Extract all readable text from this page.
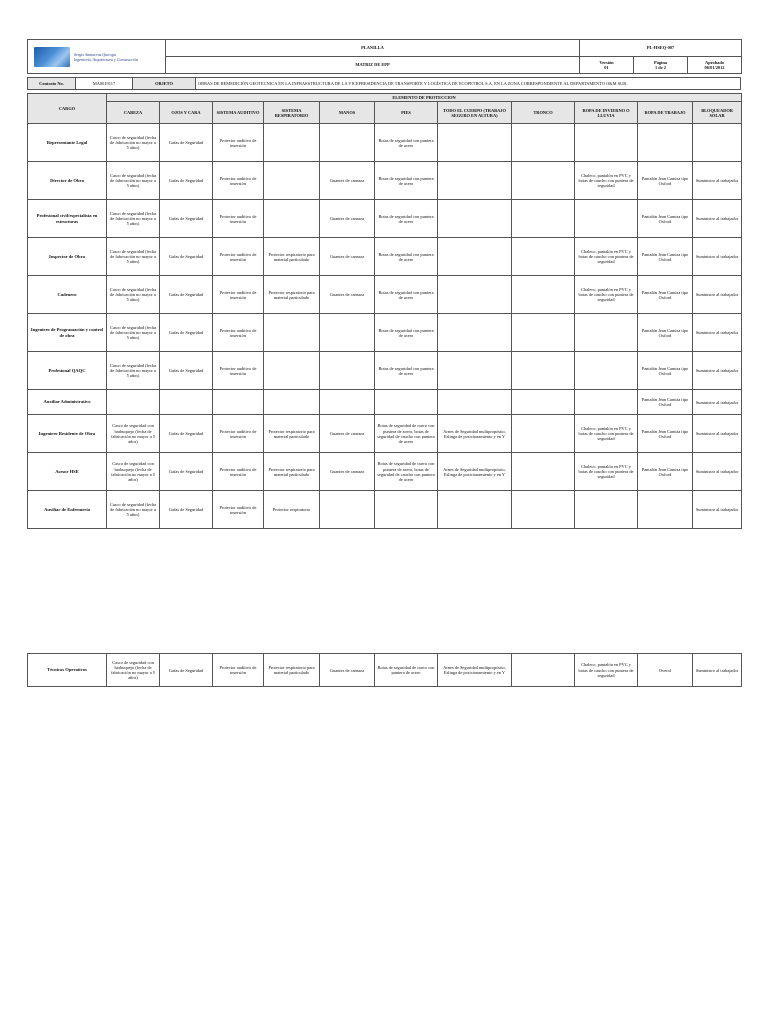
Sergio Santacruz Quiroga
Ingeniería, Arquitectura y Construcción	PLANILLA	PL-HSEQ-007		
	MATRIZ DE EPP	Versión
01	Página
1 de 2	Aprobado
06/01/2012
Contrato No.	MA0019117	OBJETO	OBRAS DE REMEDICIÓN GEOTECNICA EN LA INFRAESTRUCTURA DE LA VICEPRESIDENCIA DE TRANSPORTE Y LOGÍSTICA DE ECOPETROL S.A. EN LA ZONA CORRESPONDIENTE AL DEPARTAMENTO O&M SUR.
CARGO	ELEMENTO DE PROTECCION										
	CABEZA	OJOS Y CARA	SISTEMA AUDITIVO	SISTEMA RESPIRATORIO	MANOS	PIES	TODO EL CUERPO (TRABAJO SEGURO EN ALTURA)	TRONCO	ROPA DE INVIERNO O LLUVIA	ROPA DE TRABAJO	BLOQUEADOR SOLAR
Representante Legal	Casco de seguridad (fecha de fabricación no mayor a 5 años)	Gafas de Seguridad	Protector auditivo de insersión			Botas de seguridad con puntera de acero					
Director de Obra	Casco de seguridad (fecha de fabricación no mayor a 5 años)	Gafas de Seguridad	Protector auditivo de insersión		Guantes de carnaza	Botas de seguridad con puntera de acero			Chaleco, pantalón en PVC y botas de caucho con puntera de seguridad	Pantalón Jean Camisa tipo Oxford	Suministro al trabajador
Profesional civil/especialista en estructuras	Casco de seguridad (fecha de fabricación no mayor a 5 años)	Gafas de Seguridad	Protector auditivo de insersión		Guantes de carnaza	Botas de seguridad con puntera de acero				Pantalón Jean Camisa tipo Oxford	Suministro al trabajador
Inspector de Obra	Casco de seguridad (fecha de fabricación no mayor a 5 años)	Gafas de Seguridad	Protector auditivo de insersión	Protector respiratorio para material particulado	Guantes de carnaza	Botas de seguridad con puntera de acero			Chaleco, pantalón en PVC y botas de caucho con puntera de seguridad	Pantalón Jean Camisa tipo Oxford	Suministro al trabajador
Cadenero	Casco de seguridad (fecha de fabricación no mayor a 5 años)	Gafas de Seguridad	Protector auditivo de insersión	Protector respiratorio para material particulado	Guantes de carnaza	Botas de seguridad con puntera de acero			Chaleco, pantalón en PVC y botas de caucho con puntera de seguridad	Pantalón Jean Camisa tipo Oxford	Suministro al trabajador
Ingeniero de Programación y control de obra	Casco de seguridad (fecha de fabricación no mayor a 5 años)	Gafas de Seguridad	Protector auditivo de insersión			Botas de seguridad con puntera de acero				Pantalón Jean Camisa tipo Oxford	Suministro al trabajador
Profesional QAQC	Casco de seguridad (fecha de fabricación no mayor a 5 años)	Gafas de Seguridad	Protector auditivo de insersión			Botas de seguridad con puntera de acero				Pantalón Jean Camisa tipo Oxford	Suministro al trabajador
Auxiliar Administrativo										Pantalón Jean Camisa tipo Oxford	Suministro al trabajador
Ingeniero Residente de Obra	Casco de seguridad con barbuquejo (fecha de fabricación no mayor a 5 años)	Gafas de Seguridad	Protector auditivo de insersión	Protector respiratorio para material particulado	Guantes de carnaza	Botas de seguridad de cuero con puntera de acero, botas de seguridad de caucho con puntera de acero	Arnes de Seguridad multipropósito, Eslinga de posicionamiento y en Y		Chaleco, pantalón en PVC y botas de caucho con puntera de seguridad	Pantalón Jean Camisa tipo Oxford	Suministro al trabajador
Asesor HSE	Casco de seguridad con barbuquejo (fecha de fabricación no mayor a 5 años)	Gafas de Seguridad	Protector auditivo de insersión	Protector respiratorio para material particulado	Guantes de carnaza	Botas de seguridad de cuero con puntera de acero, botas de seguridad de caucho con puntera de acero	Arnes de Seguridad multipropósito, Eslinga de posicionamiento y en Y		Chaleco, pantalón en PVC y botas de caucho con puntera de seguridad	Pantalón Jean Camisa tipo Oxford	Suministro al trabajador
Auxiliar de Enfermería	Casco de seguridad (fecha de fabricación no mayor a 5 años)	Gafas de Seguridad	Protector auditivo de insersión	Protector respiratorio							Suministro al trabajador
Técnicos Operativos	Casco de seguridad con barbuquejo (fecha de fabricación no mayor a 5 años)	Gafas de Seguridad	Protector auditivo de insersión	Protector respiratorio para material particulado	Guantes de carnaza	Botas de seguridad de cuero con puntera de acero	Arnes de Seguridad multipropósito, Eslinga de posicionamiento y en Y		Chaleco, pantalón en PVC y botas de caucho con puntera de seguridad	Overol	Suministro al trabajador
